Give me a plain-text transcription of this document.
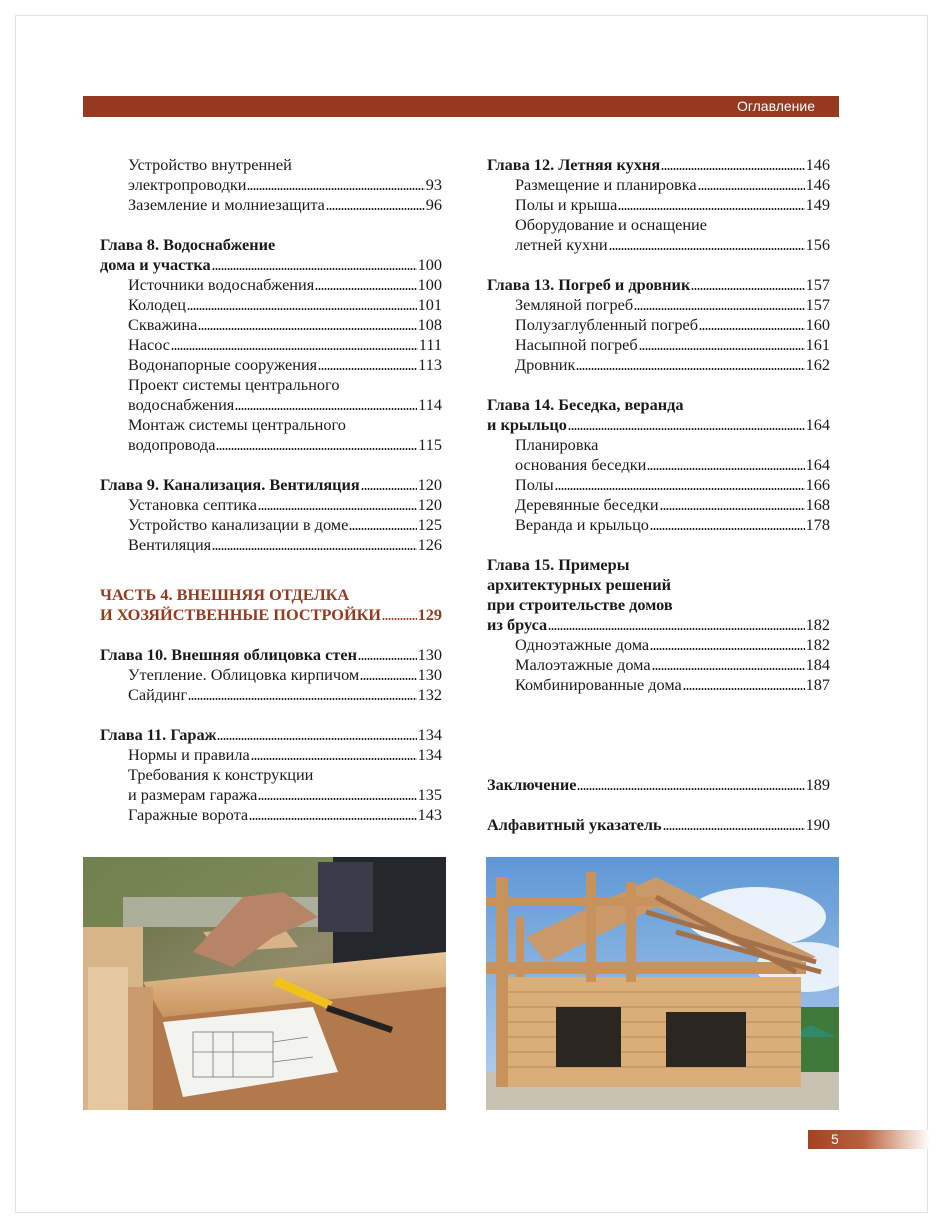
Оглавление
Устройство внутренней
электропроводки	93
Заземление и молниезащита	96
Глава 8. Водоснабжение
дома и участка	100
Источники водоснабжения	100
Колодец	101
Скважина	108
Насос	111
Водонапорные сооружения	113
Проект системы центрального
водоснабжения	114
Монтаж системы центрального
водопровода	115
Глава 9. Канализация. Вентиляция	120
Установка септика	120
Устройство канализации в доме	125
Вентиляция	126
ЧАСТЬ 4. ВНЕШНЯЯ ОТДЕЛКА
И ХОЗЯЙСТВЕННЫЕ ПОСТРОЙКИ 129
Глава 10. Внешняя облицовка стен	130
Утепление. Облицовка кирпичом	130
Сайдинг	132
Глава 11. Гараж	134
Нормы и правила	134
Требования к конструкции
и размерам гаража	135
Гаражные ворота	143
Глава 12. Летняя кухня	146
Размещение и планировка	146
Полы и крыша	149
Оборудование и оснащение
летней кухни	156
Глава 13. Погреб и дровник	157
Земляной погреб	157
Полузаглубленный погреб	160
Насыпной погреб	161
Дровник	162
Глава 14. Беседка, веранда
и крыльцо	164
Планировка
основания беседки	164
Полы	166
Деревянные беседки	168
Веранда и крыльцо	178
Глава 15. Примеры
архитектурных решений
при строительстве домов
из бруса	182
Одноэтажные дома	182
Малоэтажные дома	184
Комбинированные дома	187
Заключение	189
Алфавитный указатель	190
5
